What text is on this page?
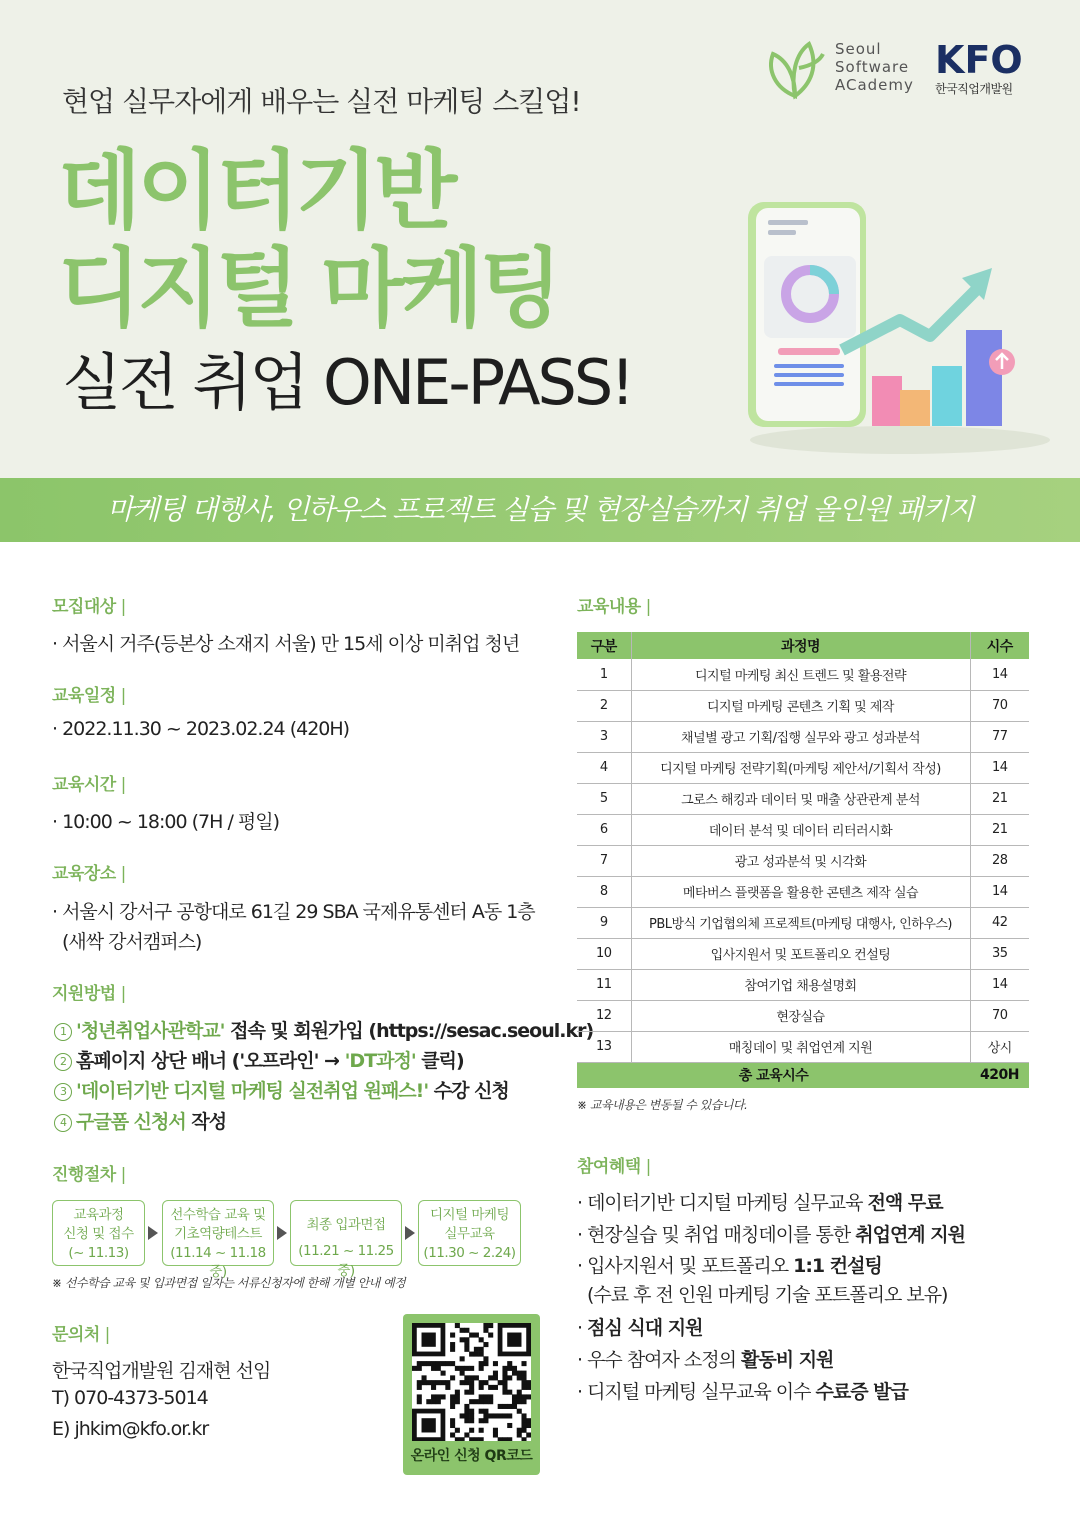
현업 실무자에게 배우는 실전 마케팅 스킬업!
데이터기반
디지털 마케팅
실전 취업 ONE-PASS!
Seoul
Software
ACademy
KFO
한국직업개발원
마케팅 대행사, 인하우스 프로젝트 실습 및 현장실습까지 취업 올인원 패키지
모집대상 |
· 서울시 거주(등본상 소재지 서울) 만 15세 이상 미취업 청년
교육일정 |
· 2022.11.30 ~ 2023.02.24 (420H)
교육시간 |
· 10:00 ~ 18:00 (7H / 평일)
교육장소 |
· 서울시 강서구 공항대로 61길 29 SBA 국제유통센터 A동 1층
(새싹 강서캠퍼스)
지원방법 |
1 '청년취업사관학교' 접속 및 회원가입 (https://sesac.seoul.kr)
2 홈페이지 상단 배너 ('오프라인' → 'DT과정' 클릭)
3 '데이터기반 디지털 마케팅 실전취업 원패스!' 수강 신청
4 구글폼 신청서 작성
진행절차 |
교육과정
신청 및 접수
(~ 11.13)
선수학습 교육 및
기초역량테스트
(11.14 ~ 11.18 중)
최종 입과면접
(11.21 ~ 11.25 중)
디지털 마케팅
실무교육
(11.30 ~ 2.24)
※ 선수학습 교육 및 입과면접 일자는 서류신청자에 한해 개별 안내 예정
문의처 |
한국직업개발원 김재현 선임
T) 070-4373-5014
E) jhkim@kfo.or.kr
온라인 신청 QR코드
교육내용 |
구분	과정명	시수
1	디지털 마케팅 최신 트렌드 및 활용전략	14
2	디지털 마케팅 콘텐츠 기획 및 제작	70
3	채널별 광고 기획/집행 실무와 광고 성과분석	77
4	디지털 마케팅 전략기획(마케팅 제안서/기획서 작성)	14
5	그로스 해킹과 데이터 및 매출 상관관계 분석	21
6	데이터 분석 및 데이터 리터러시화	21
7	광고 성과분석 및 시각화	28
8	메타버스 플랫폼을 활용한 콘텐츠 제작 실습	14
9	PBL방식 기업협의체 프로젝트(마케팅 대행사, 인하우스)	42
10	입사지원서 및 포트폴리오 컨설팅	35
11	참여기업 채용설명회	14
12	현장실습	70
13	매칭데이 및 취업연계 지원	상시
총 교육시수		420H
※ 교육내용은 변동될 수 있습니다.
참여혜택 |
· 데이터기반 디지털 마케팅 실무교육 전액 무료
· 현장실습 및 취업 매칭데이를 통한 취업연계 지원
· 입사지원서 및 포트폴리오 1:1 컨설팅
(수료 후 전 인원 마케팅 기술 포트폴리오 보유)
· 점심 식대 지원
· 우수 참여자 소정의 활동비 지원
· 디지털 마케팅 실무교육 이수 수료증 발급
